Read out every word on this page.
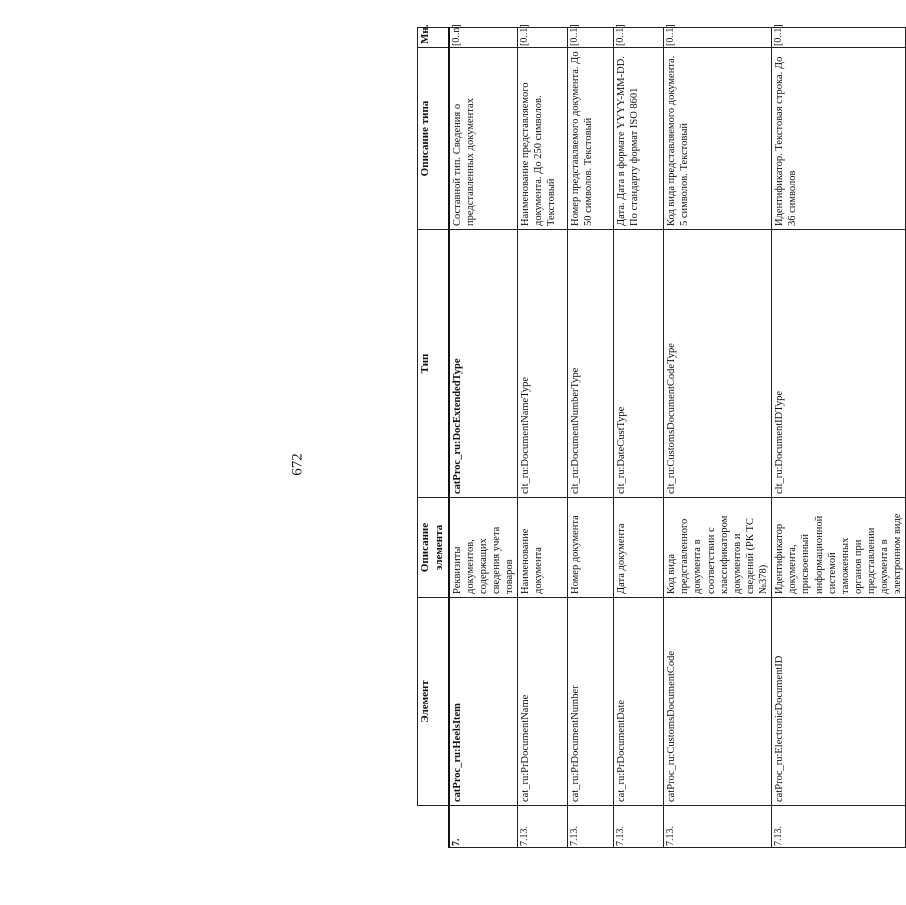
672
	Элемент	Описание элемента	Тип	Описание типа	Мн.
7.	catProc_ru:HeelsItem	Реквизиты документов, содержащих сведения учета товаров	catProc_ru:DocExtendedType	Составной тип. Сведения о представленных документах	[0..n]
7.13.	cat_ru:PrDocumentName	Наименование документа	clt_ru:DocumentNameType	Наименование представляемого документа. До 250 символов. Текстовый	[0..1]
7.13.	cat_ru:PrDocumentNumber	Номер документа	clt_ru:DocumentNumberType	Номер представляемого документа. До 50 символов. Текстовый	[0..1]
7.13.	cat_ru:PrDocumentDate	Дата документа	clt_ru:DateCustType	Дата. Дата в формате YYYY-MM-DD. По стандарту формат ISO 8601	[0..1]
7.13.	catProc_ru:CustomsDocumentCode	Код вида представленного документа в соответствии с классификатором документов и сведений (РК ТС №378)	clt_ru:CustomsDocumentCodeType	Код вида представляемого документа. 5 символов. Текстовый	[0..1]
7.13.	catProc_ru:ElectronicDocumentID	Идентификатор документа, присвоенный информационной системой таможенных органов при представлении документа в электронном виде	clt_ru:DocumentIDType	Идентификатор. Текстовая строка. До 36 символов	[0..1]
